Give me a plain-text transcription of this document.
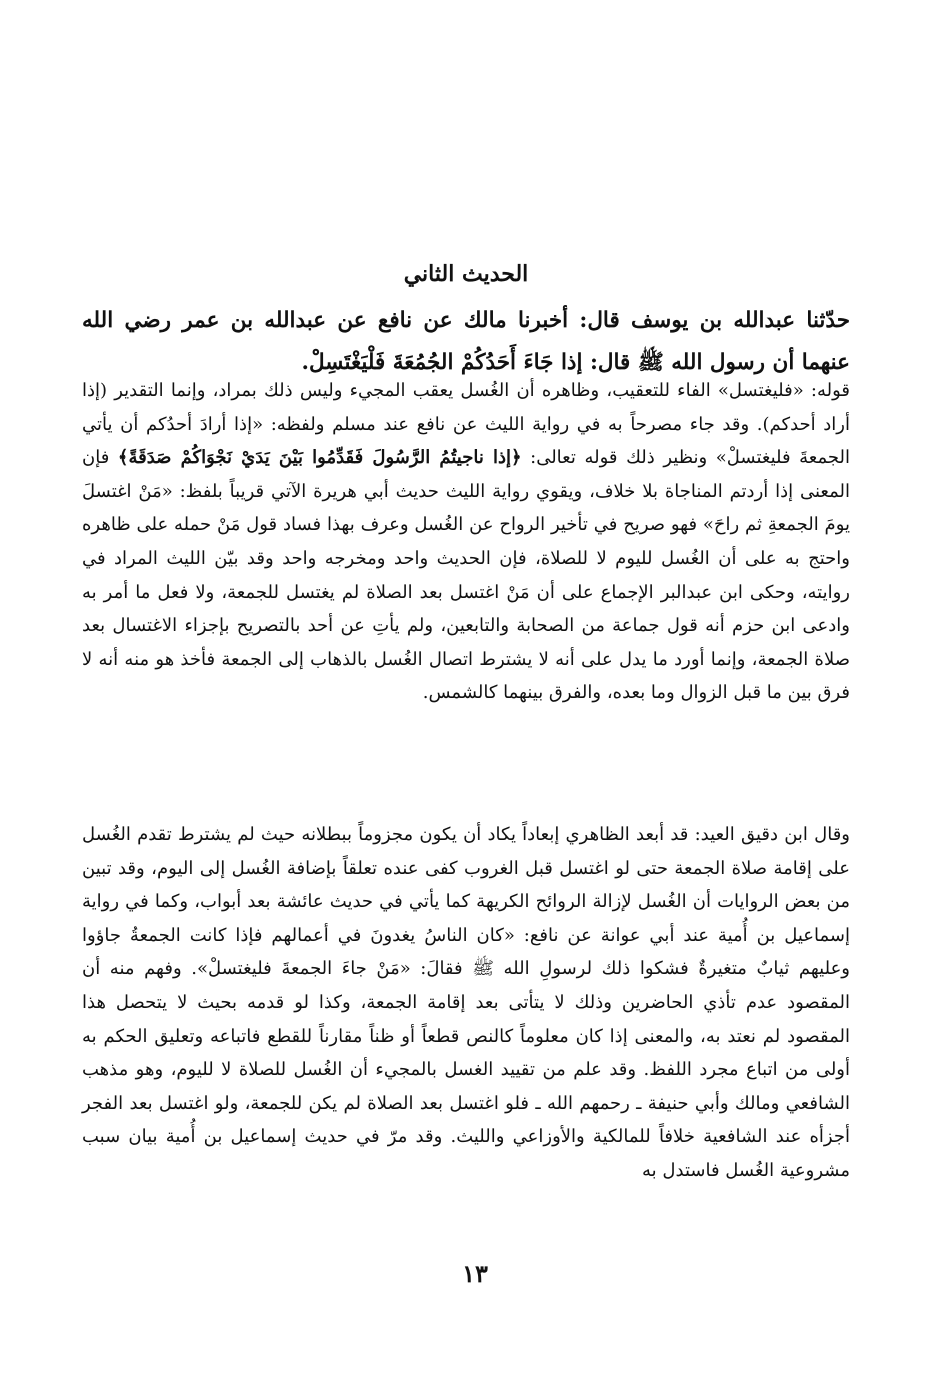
الحديث الثاني
حدّثنا عبدالله بن يوسف قال: أخبرنا مالك عن نافع عن عبدالله بن عمر رضي الله عنهما أن رسول الله ﷺ قال: إذا جَاءَ أَحَدُكُمْ الجُمُعَةَ فَلْيَغْتَسِلْ.
قوله: «فليغتسل» الفاء للتعقيب، وظاهره أن الغُسل يعقب المجيء وليس ذلك بمراد، وإنما التقدير (إذا أراد أحدكم). وقد جاء مصرحاً به في رواية الليث عن نافع عند مسلم ولفظه: «إذا أرادَ أحدُكم أن يأتي الجمعةَ فليغتسلْ» ونظير ذلك قوله تعالى: ﴿إذا ناجيتُمُ الرَّسُولَ فَقَدِّمُوا بَيْنَ يَدَيْ نَجْوَاكُمْ صَدَقَةً﴾ فإن المعنى إذا أردتم المناجاة بلا خلاف، ويقوي رواية الليث حديث أبي هريرة الآتي قريباً بلفظ: «مَنْ اغتسلَ يومَ الجمعةِ ثم راحَ» فهو صريح في تأخير الرواح عن الغُسل وعرف بهذا فساد قول مَنْ حمله على ظاهره واحتج به على أن الغُسل لليوم لا للصلاة، فإن الحديث واحد ومخرجه واحد وقد بيّن الليث المراد في روايته، وحكى ابن عبدالبر الإجماع على أن مَنْ اغتسل بعد الصلاة لم يغتسل للجمعة، ولا فعل ما أمر به وادعى ابن حزم أنه قول جماعة من الصحابة والتابعين، ولم يأتِ عن أحد بالتصريح بإجزاء الاغتسال بعد صلاة الجمعة، وإنما أورد ما يدل على أنه لا يشترط اتصال الغُسل بالذهاب إلى الجمعة فأخذ هو منه أنه لا فرق بين ما قبل الزوال وما بعده، والفرق بينهما كالشمس.
وقال ابن دقيق العيد: قد أبعد الظاهري إبعاداً يكاد أن يكون مجزوماً ببطلانه حيث لم يشترط تقدم الغُسل على إقامة صلاة الجمعة حتى لو اغتسل قبل الغروب كفى عنده تعلقاً بإضافة الغُسل إلى اليوم، وقد تبين من بعض الروايات أن الغُسل لإزالة الروائح الكريهة كما يأتي في حديث عائشة بعد أبواب، وكما في رواية إسماعيل بن أُمية عند أبي عوانة عن نافع: «كان الناسُ يغدونَ في أعمالهم فإذا كانت الجمعةُ جاؤوا وعليهم ثيابٌ متغيرةٌ فشكوا ذلك لرسولِ الله ﷺ فقالَ: «مَنْ جاءَ الجمعةَ فليغتسلْ». وفهم منه أن المقصود عدم تأذي الحاضرين وذلك لا يتأتى بعد إقامة الجمعة، وكذا لو قدمه بحيث لا يتحصل هذا المقصود لم نعتد به، والمعنى إذا كان معلوماً كالنص قطعاً أو ظناً مقارناً للقطع فاتباعه وتعليق الحكم به أولى من اتباع مجرد اللفظ. وقد علم من تقييد الغسل بالمجيء أن الغُسل للصلاة لا لليوم، وهو مذهب الشافعي ومالك وأبي حنيفة ـ رحمهم الله ـ فلو اغتسل بعد الصلاة لم يكن للجمعة، ولو اغتسل بعد الفجر أجزأه عند الشافعية خلافاً للمالكية والأوزاعي والليث. وقد مرّ في حديث إسماعيل بن أُمية بيان سبب مشروعية الغُسل فاستدل به
١٣
